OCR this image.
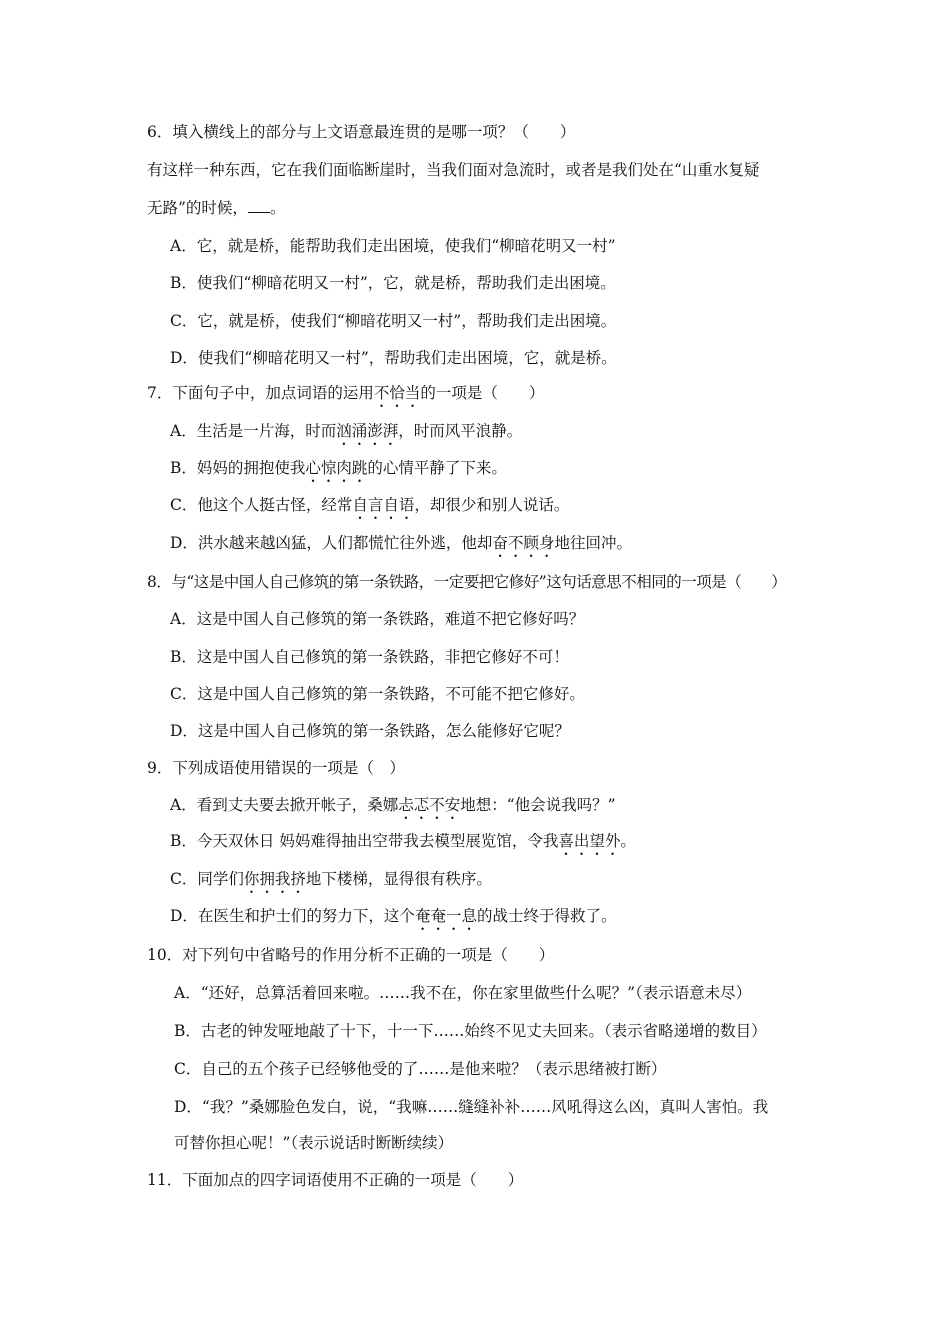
6．填入横线上的部分与上文语意最连贯的是哪一项？（　　）
有这样一种东西，它在我们面临断崖时，当我们面对急流时，或者是我们处在“山重水复疑
无路”的时候， 。
A．它，就是桥，能帮助我们走出困境，使我们“柳暗花明又一村”
B．使我们“柳暗花明又一村”，它，就是桥，帮助我们走出困境。
C．它，就是桥，使我们“柳暗花明又一村”，帮助我们走出困境。
D．使我们“柳暗花明又一村”，帮助我们走出困境，它，就是桥。
7．下面句子中，加点词语的运用不恰当的一项是（　　）
A．生活是一片海，时而汹涌澎湃，时而风平浪静。
B．妈妈的拥抱使我心惊肉跳的心情平静了下来。
C．他这个人挺古怪，经常自言自语，却很少和别人说话。
D．洪水越来越凶猛，人们都慌忙往外逃，他却奋不顾身地往回冲。
8．与“这是中国人自己修筑的第一条铁路，一定要把它修好”这句话意思不相同的一项是（　　）
A．这是中国人自己修筑的第一条铁路，难道不把它修好吗？
B．这是中国人自己修筑的第一条铁路，非把它修好不可！
C．这是中国人自己修筑的第一条铁路，不可能不把它修好。
D．这是中国人自己修筑的第一条铁路，怎么能修好它呢？
9．下列成语使用错误的一项是（　）
A．看到丈夫要去掀开帐子，桑娜忐忑不安地想：“他会说我吗？”
B．今天双休日 妈妈难得抽出空带我去模型展览馆，令我喜出望外。
C．同学们你拥我挤地下楼梯，显得很有秩序。
D．在医生和护士们的努力下，这个奄奄一息的战士终于得救了。
10．对下列句中省略号的作用分析不正确的一项是（　　）
A．“还好，总算活着回来啦。……我不在，你在家里做些什么呢？”（表示语意未尽）
B．古老的钟发哑地敲了十下，十一下……始终不见丈夫回来。（表示省略递增的数目）
C．自己的五个孩子已经够他受的了……是他来啦？（表示思绪被打断）
D．“我？”桑娜脸色发白，说，“我嘛……缝缝补补……风吼得这么凶，真叫人害怕。我
可替你担心呢！”（表示说话时断断续续）
11．下面加点的四字词语使用不正确的一项是（　　）
